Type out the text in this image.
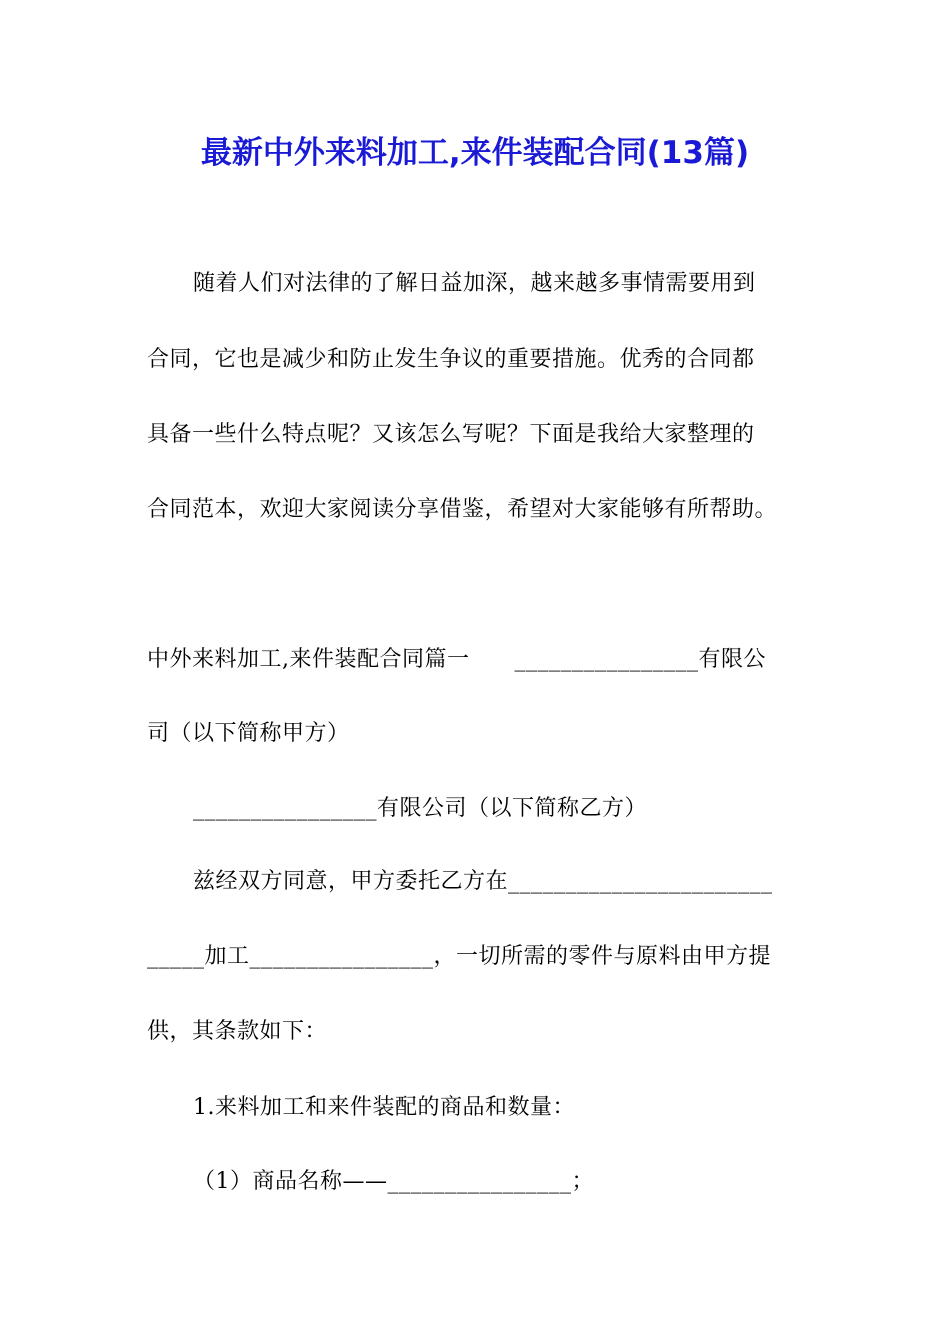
最新中外来料加工,来件装配合同(13篇)
随着人们对法律的了解日益加深，越来越多事情需要用到
合同，它也是减少和防止发生争议的重要措施。优秀的合同都
具备一些什么特点呢？又该怎么写呢？下面是我给大家整理的
合同范本，欢迎大家阅读分享借鉴，希望对大家能够有所帮助。
中外来料加工,来件装配合同篇一　　________________有限公
司（以下简称甲方）
________________有限公司（以下简称乙方）
兹经双方同意，甲方委托乙方在_______________________
_____加工________________，一切所需的零件与原料由甲方提
供，其条款如下：
1.来料加工和来件装配的商品和数量：
（1）商品名称——________________；
